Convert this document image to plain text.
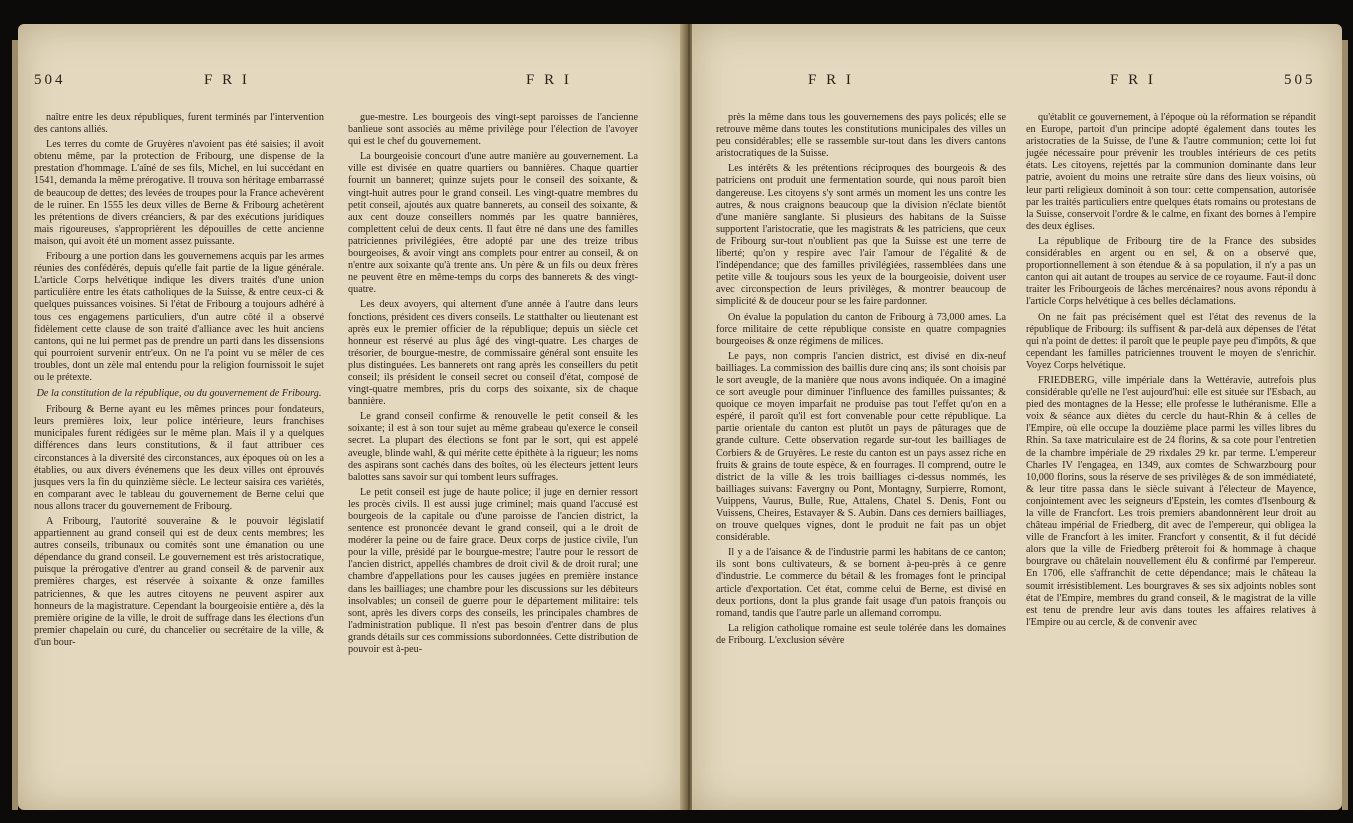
504	F R I	F R I

naître entre les deux républiques, furent terminés par l'intervention des cantons alliés.

Les terres du comte de Gruyères n'avoient pas été saisies; il avoit obtenu même, par la protection de Fribourg, une dispense de la prestation d'hommage. L'aîné de ses fils, Michel, en lui succédant en 1541, demanda la même prérogative. Il trouva son héritage embarrassé de beaucoup de dettes; des levées de troupes pour la France achevèrent de le ruiner. En 1555 les deux villes de Berne & Fribourg achetèrent les prétentions de divers créanciers, & par des exécutions juridiques mais rigoureuses, s'approprièrent les dépouilles de cette ancienne maison, qui avoit été un moment assez puissante.

Fribourg a une portion dans les gouvernemens acquis par les armes réunies des confédérés, depuis qu'elle fait partie de la ligue générale. L'article Corps helvétique indique les divers traités d'une union particulière entre les états catholiques de la Suisse, & entre ceux-ci & quelques puissances voisines. Si l'état de Fribourg a toujours adhéré à tous ces engagemens particuliers, d'un autre côté il a observé fidèlement cette clause de son traité d'alliance avec les huit anciens cantons, qui ne lui permet pas de prendre un parti dans les dissensions qui pourroient survenir entr'eux. On ne l'a point vu se mêler de ces troubles, dont un zèle mal entendu pour la religion fournissoit le sujet ou le prétexte.

De la constitution de la république, ou du gouvernement de Fribourg.

Fribourg & Berne ayant eu les mêmes princes pour fondateurs, leurs premières loix, leur police intérieure, leurs franchises municipales furent rédigées sur le même plan. Mais il y a quelques différences dans leurs constitutions, & il faut attribuer ces circonstances à la diversité des circonstances, aux époques où on les a établies, ou aux divers événemens que les deux villes ont éprouvés jusques vers la fin du quinzième siècle. Le lecteur saisira ces variétés, en comparant avec le tableau du gouvernement de Berne celui que nous allons tracer du gouvernement de Fribourg.

A Fribourg, l'autorité souveraine & le pouvoir législatif appartiennent au grand conseil qui est de deux cents membres; les autres conseils, tribunaux ou comités sont une émanation ou une dépendance du grand conseil. Le gouvernement est très aristocratique, puisque la prérogative d'entrer au grand conseil & de parvenir aux premières charges, est réservée à soixante & onze familles patriciennes, & que les autres citoyens ne peuvent aspirer aux honneurs de la magistrature. Cependant la bourgeoisie entière a, dès la première origine de la ville, le droit de suffrage dans les élections d'un premier chapelain ou curé, du chancelier ou secrétaire de la ville, & d'un bour-

gue-mestre. Les bourgeois des vingt-sept paroisses de l'ancienne banlieue sont associés au même privilège pour l'élection de l'avoyer qui est le chef du gouvernement.

La bourgeoisie concourt d'une autre manière au gouvernement. La ville est divisée en quatre quartiers ou bannières. Chaque quartier fournit un banneret; quinze sujets pour le conseil des soixante, & vingt-huit autres pour le grand conseil. Les vingt-quatre membres du petit conseil, ajoutés aux quatre bannerets, au conseil des soixante, & aux cent douze conseillers nommés par les quatre bannières, complettent celui de deux cents. Il faut être né dans une des familles patriciennes privilégiées, être adopté par une des treize tribus bourgeoises, & avoir vingt ans complets pour entrer au conseil, & on n'entre aux soixante qu'à trente ans. Un père & un fils ou deux frères ne peuvent être en même-temps du corps des bannerets & des vingt-quatre.

Les deux avoyers, qui alternent d'une année à l'autre dans leurs fonctions, président ces divers conseils. Le statthalter ou lieutenant est après eux le premier officier de la république; depuis un siècle cet honneur est réservé au plus âgé des vingt-quatre. Les charges de trésorier, de bourgue-mestre, de commissaire général sont ensuite les plus distinguées. Les bannerets ont rang après les conseillers du petit conseil; ils président le conseil secret ou conseil d'état, composé de vingt-quatre membres, pris du corps des soixante, six de chaque bannière.

Le grand conseil confirme & renouvelle le petit conseil & les soixante; il est à son tour sujet au même grabeau qu'exerce le conseil secret. La plupart des élections se font par le sort, qui est appelé aveugle, blinde wahl, & qui mérite cette épithète à la rigueur; les noms des aspirans sont cachés dans des boîtes, où les électeurs jettent leurs balottes sans savoir sur qui tombent leurs suffrages.

Le petit conseil est juge de haute police; il juge en dernier ressort les procès civils. Il est aussi juge criminel; mais quand l'accusé est bourgeois de la capitale ou d'une paroisse de l'ancien district, la sentence est prononcée devant le grand conseil, qui a le droit de modérer la peine ou de faire grace. Deux corps de justice civile, l'un pour la ville, présidé par le bourgue-mestre; l'autre pour le ressort de l'ancien district, appellés chambres de droit civil & de droit rural; une chambre d'appellations pour les causes jugées en première instance dans les bailliages; une chambre pour les discussions sur les débiteurs insolvables; un conseil de guerre pour le département militaire: tels sont, après les divers corps des conseils, les principales chambres de l'administration publique. Il n'est pas besoin d'entrer dans de plus grands détails sur ces commissions subordonnées. Cette distribution de pouvoir est à-peu-

F R I	F R I	505

près la même dans tous les gouvernemens des pays policés; elle se retrouve même dans toutes les constitutions municipales des villes un peu considérables; elle se rassemble sur-tout dans les divers cantons aristocratiques de la Suisse.

Les intérêts & les prétentions réciproques des bourgeois & des patriciens ont produit une fermentation sourde, qui nous paroît bien dangereuse. Les citoyens s'y sont armés un moment les uns contre les autres, & nous craignons beaucoup que la division n'éclate bientôt d'une manière sanglante. Si plusieurs des habitans de la Suisse supportent l'aristocratie, que les magistrats & les patriciens, que ceux de Fribourg sur-tout n'oublient pas que la Suisse est une terre de liberté; qu'on y respire avec l'air l'amour de l'égalité & de l'indépendance; que des familles privilégiées, rassemblées dans une petite ville & toujours sous les yeux de la bourgeoisie, doivent user avec circonspection de leurs privilèges, & montrer beaucoup de simplicité & de douceur pour se les faire pardonner.

On évalue la population du canton de Fribourg à 73,000 ames. La force militaire de cette république consiste en quatre compagnies bourgeoises & onze régimens de milices.

Le pays, non compris l'ancien district, est divisé en dix-neuf bailliages. La commission des baillis dure cinq ans; ils sont choisis par le sort aveugle, de la manière que nous avons indiquée. On a imaginé ce sort aveugle pour diminuer l'influence des familles puissantes; & quoique ce moyen imparfait ne produise pas tout l'effet qu'on en a espéré, il paroît qu'il est fort convenable pour cette république. La partie orientale du canton est plutôt un pays de pâturages que de grande culture. Cette observation regarde sur-tout les bailliages de Corbiers & de Gruyères. Le reste du canton est un pays assez riche en fruits & grains de toute espèce, & en fourrages. Il comprend, outre le district de la ville & les trois bailliages ci-dessus nommés, les bailliages suivans: Favergny ou Pont, Montagny, Surpierre, Romont, Vuippens, Vaurus, Bulle, Rue, Attalens, Chatel S. Denis, Font ou Vuissens, Cheires, Estavayer & S. Aubin. Dans ces derniers bailliages, on trouve quelques vignes, dont le produit ne fait pas un objet considérable.

Il y a de l'aisance & de l'industrie parmi les habitans de ce canton; ils sont bons cultivateurs, & se bornent à-peu-près à ce genre d'industrie. Le commerce du bétail & les fromages font le principal article d'exportation. Cet état, comme celui de Berne, est divisé en deux portions, dont la plus grande fait usage d'un patois françois ou romand, tandis que l'autre parle un allemand corrompu.

La religion catholique romaine est seule tolérée dans les domaines de Fribourg. L'exclusion sévère

qu'établit ce gouvernement, à l'époque où la réformation se répandit en Europe, partoit d'un principe adopté également dans toutes les aristocraties de la Suisse, de l'une & l'autre communion; cette loi fut jugée nécessaire pour prévenir les troubles intérieurs de ces petits états. Les citoyens, rejettés par la communion dominante dans leur patrie, avoient du moins une retraite sûre dans des lieux voisins, où leur parti religieux dominoit à son tour: cette compensation, autorisée par les traités particuliers entre quelques états romains ou protestans de la Suisse, conservoit l'ordre & le calme, en fixant des bornes à l'empire des deux églises.

La république de Fribourg tire de la France des subsides considérables en argent ou en sel, & on a observé que, proportionnellement à son étendue & à sa population, il n'y a pas un canton qui ait autant de troupes au service de ce royaume. Faut-il donc traiter les Fribourgeois de lâches mercénaires? nous avons répondu à l'article Corps helvétique à ces belles déclamations.

On ne fait pas précisément quel est l'état des revenus de la république de Fribourg: ils suffisent & par-delà aux dépenses de l'état qui n'a point de dettes: il paroît que le peuple paye peu d'impôts, & que cependant les familles patriciennes trouvent le moyen de s'enrichir. Voyez Corps helvétique.

FRIEDBERG, ville impériale dans la Wettéravie, autrefois plus considérable qu'elle ne l'est aujourd'hui: elle est située sur l'Esbach, au pied des montagnes de la Hesse; elle professe le luthéranisme. Elle a voix & séance aux diètes du cercle du haut-Rhin & à celles de l'Empire, où elle occupe la douzième place parmi les villes libres du Rhin. Sa taxe matriculaire est de 24 florins, & sa cote pour l'entretien de la chambre impériale de 29 rixdales 29 kr. par terme. L'empereur Charles IV l'engagea, en 1349, aux comtes de Schwarzbourg pour 10,000 florins, sous la réserve de ses privilèges & de son immédiateté, & leur titre passa dans le siècle suivant à l'électeur de Mayence, conjointement avec les seigneurs d'Epstein, les comtes d'Isenbourg & la ville de Francfort. Les trois premiers abandonnèrent leur droit au château impérial de Friedberg, dit avec de l'empereur, qui obligea la ville de Francfort à les imiter. Francfort y consentit, & il fut décidé alors que la ville de Friedberg prêteroit foi & hommage à chaque bourgrave ou châtelain nouvellement élu & confirmé par l'empereur. En 1706, elle s'affranchit de cette dépendance; mais le château la soumit irrésistiblement. Les bourgraves & ses six adjoints nobles sont état de l'Empire, membres du grand conseil, & le magistrat de la ville est tenu de prendre leur avis dans toutes les affaires relatives à l'Empire ou au cercle, & de convenir avec
